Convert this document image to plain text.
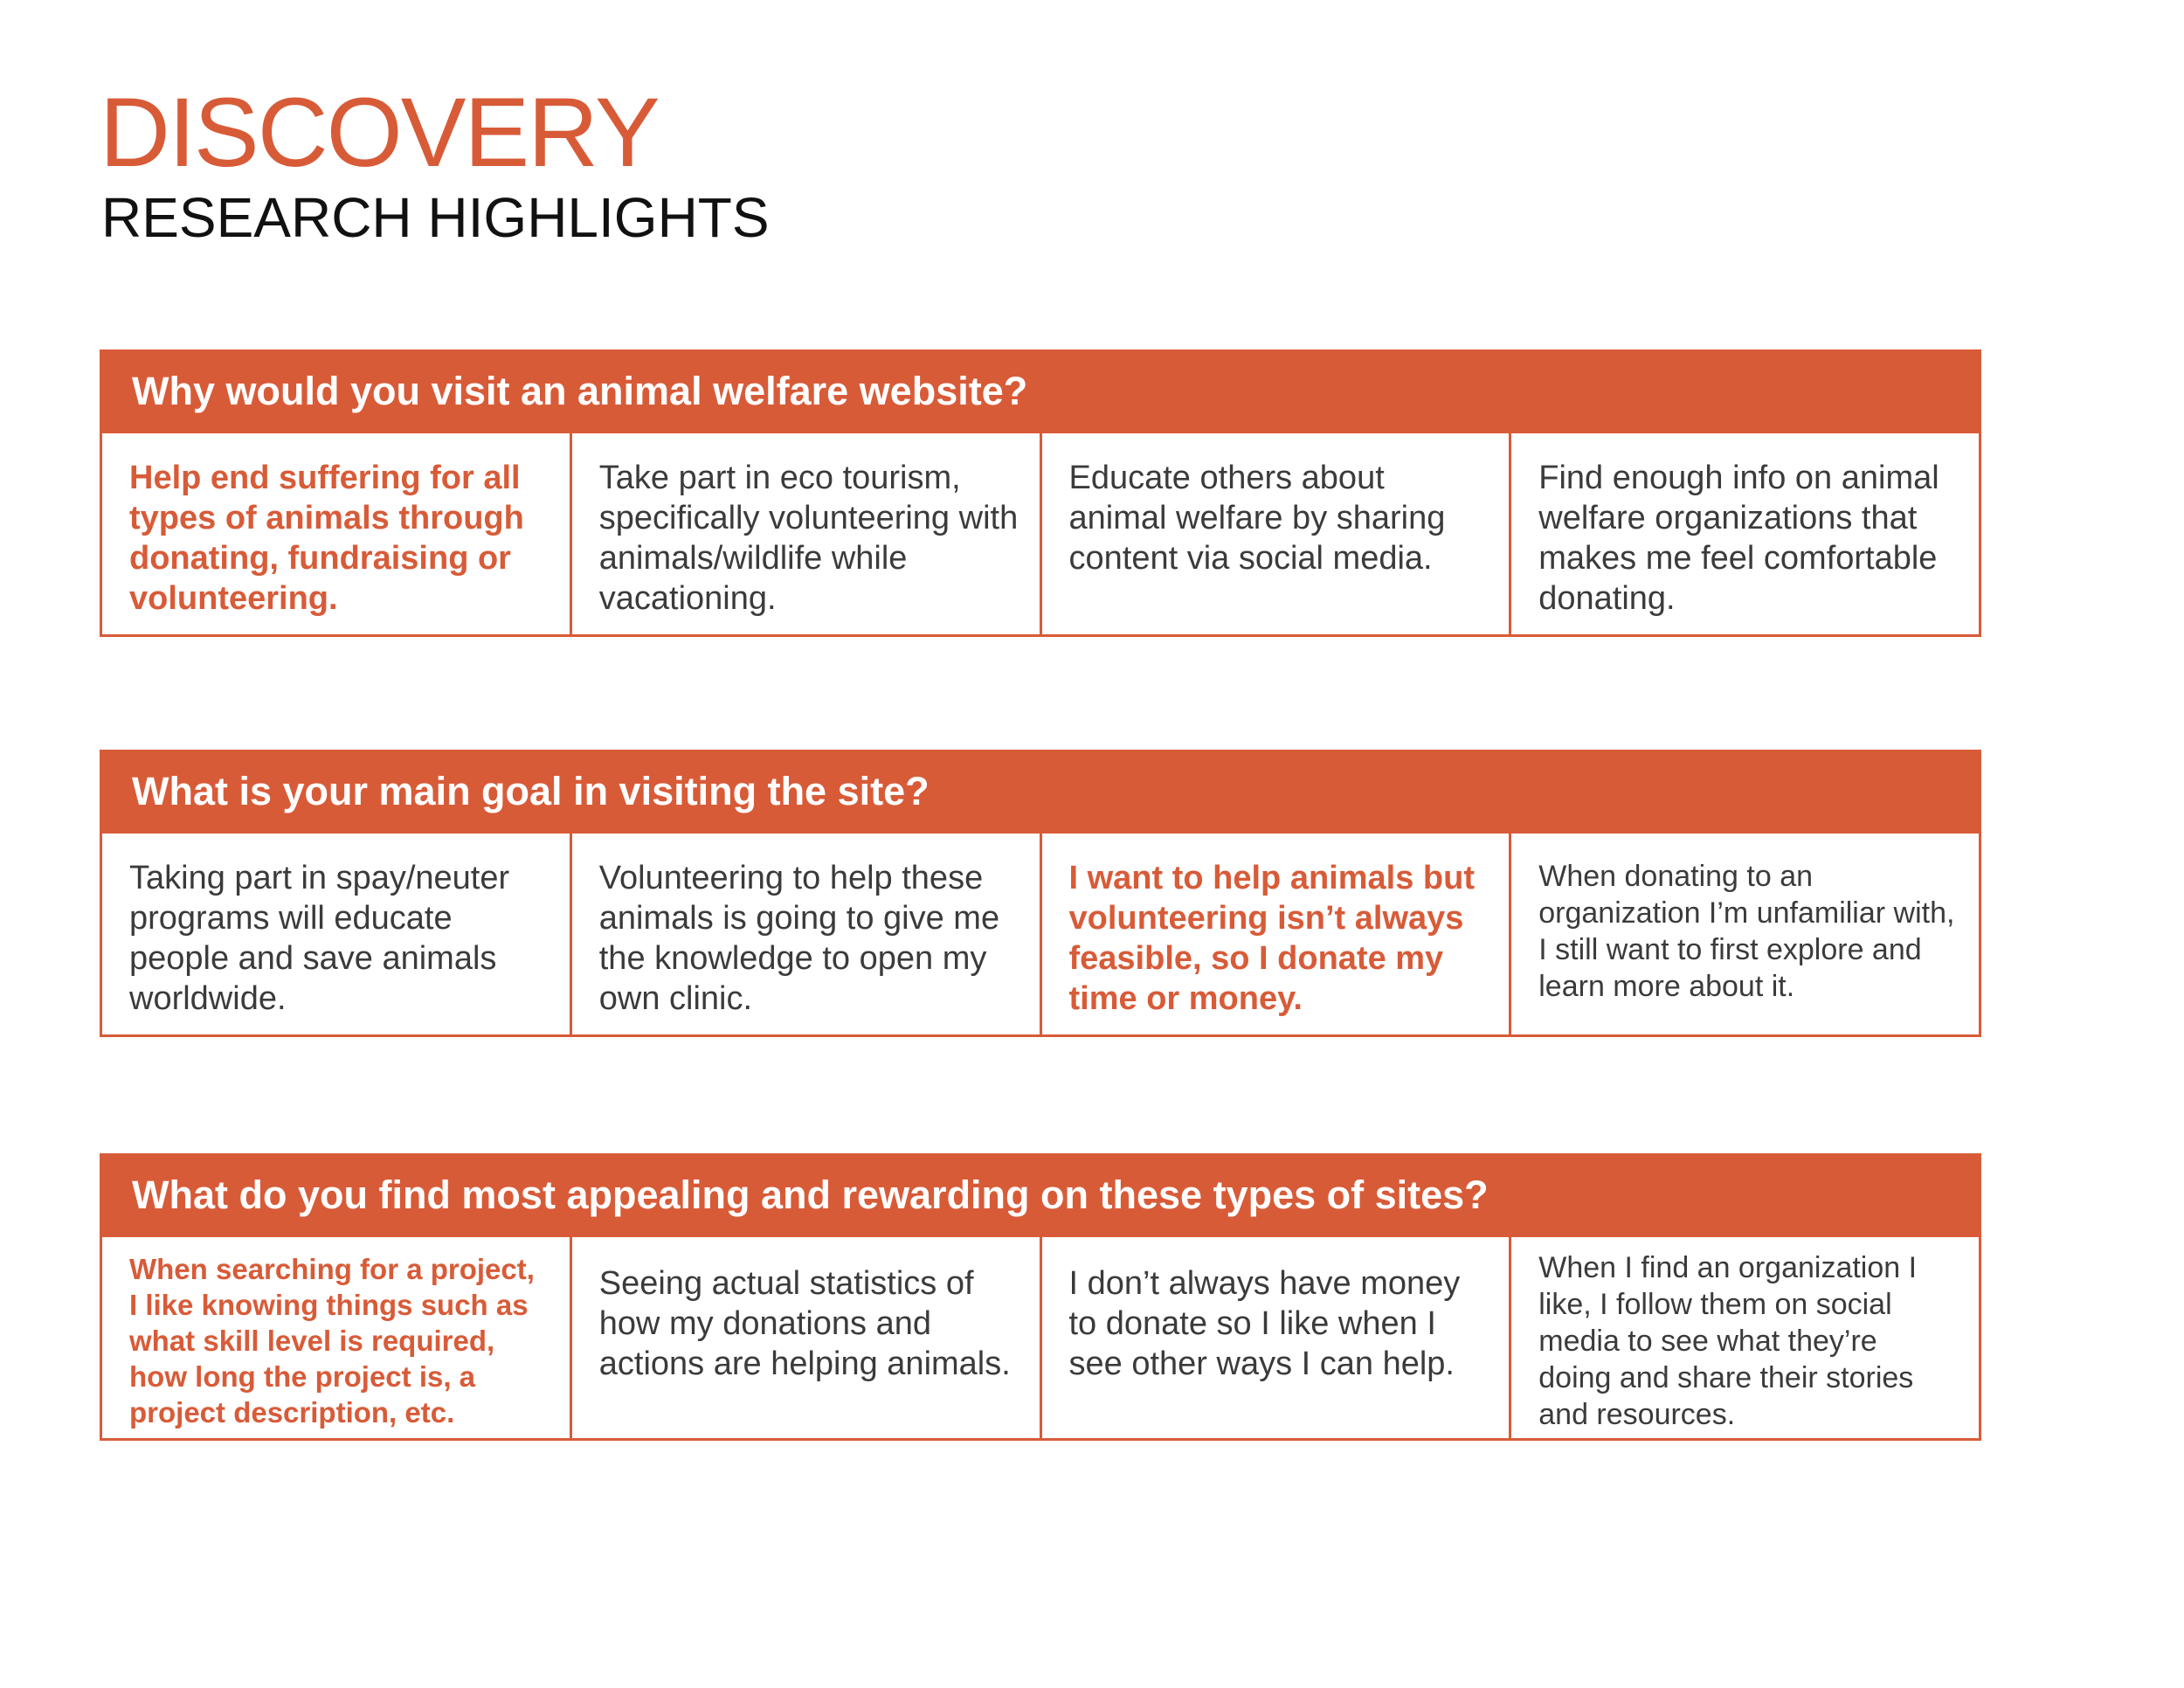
DISCOVERY
RESEARCH HIGHLIGHTS
Why would you visit an animal welfare website?
Help end suffering for all types of animals through donating, fundraising or volunteering.
Take part in eco tourism, specifically volunteering with animals/wildlife while vacationing.
Educate others about animal welfare by sharing content via social media.
Find enough info on animal welfare organizations that makes me feel comfortable donating.
What is your main goal in visiting the site?
Taking part in spay/neuter programs will educate people and save animals worldwide.
Volunteering to help these animals is going to give me the knowledge to open my own clinic.
I want to help animals but volunteering isn’t always feasible, so I donate my time or money.
When donating to an organization I’m unfamiliar with, I still want to first explore and learn more about it.
What do you find most appealing and rewarding on these types of sites?
When searching for a project, I like knowing things such as what skill level is required, how long the project is, a project description, etc.
Seeing actual statistics of how my donations and actions are helping animals.
I don’t always have money to donate so I like when I see other ways I can help.
When I find an organization I like, I follow them on social media to see what they’re doing and share their stories and resources.
